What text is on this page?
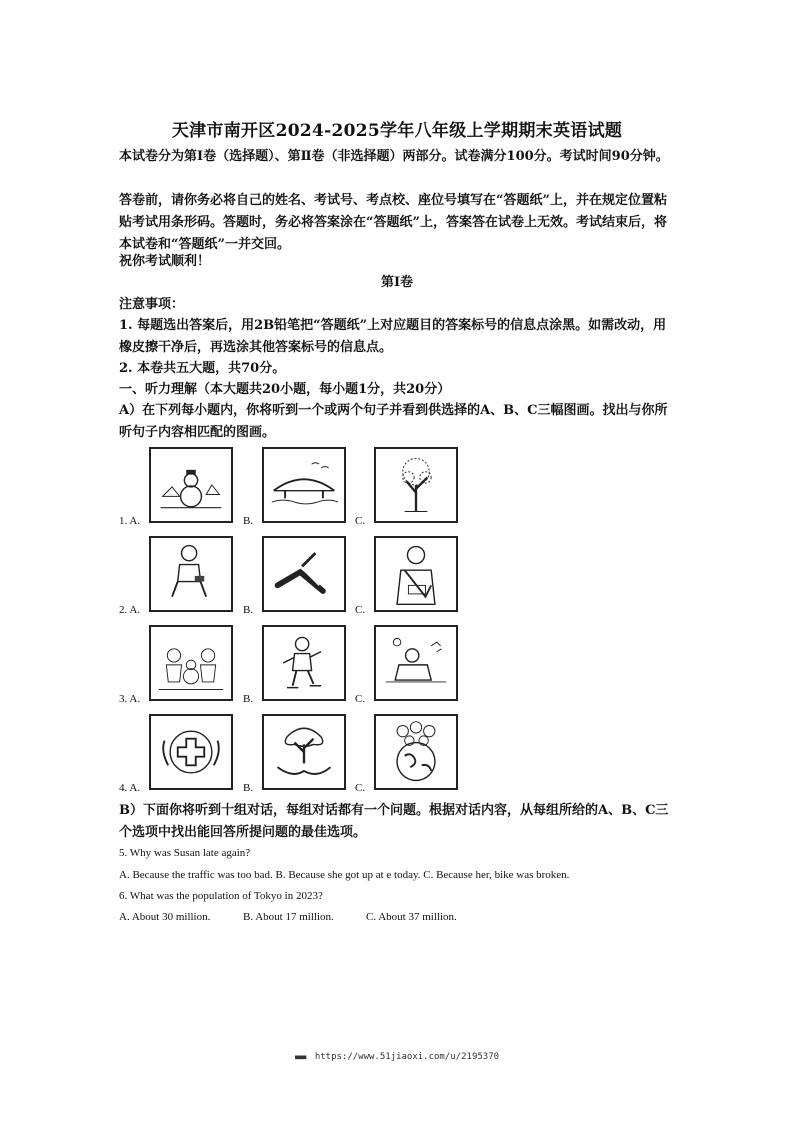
天津市南开区2024-2025学年八年级上学期期末英语试题
本试卷分为第Ⅰ卷（选择题）、第Ⅱ卷（非选择题）两部分。试卷满分100分。考试时间90分钟。
答卷前，请你务必将自己的姓名、考试号、考点校、座位号填写在“答题纸”上，并在规定位置粘贴考试用条形码。答题时，务必将答案涂在“答题纸”上，答案答在试卷上无效。考试结束后，将本试卷和“答题纸”一并交回。
祝你考试顺利！
第Ⅰ卷
注意事项：
1. 每题选出答案后，用2B铅笔把“答题纸”上对应题目的答案标号的信息点涂黑。如需改动，用橡皮擦干净后，再选涂其他答案标号的信息点。
2. 本卷共五大题，共70分。
一、听力理解（本大题共20小题，每小题1分，共20分）
A）在下列每小题内，你将听到一个或两个句子并看到供选择的A、B、C三幅图画。找出与你所听句子内容相匹配的图画。
1. A.	B.	C.
2. A.	B.	C.
3. A.	B.	C.
4. A.	B.	C.
B）下面你将听到十组对话，每组对话都有一个问题。根据对话内容，从每组所给的A、B、C三个选项中找出能回答所提问题的最佳选项。
5. Why was Susan late again?
A. Because the traffic was too bad. B. Because she got up at e today. C. Because her, bike was broken.
6. What was the population of Tokyo in 2023?
A. About 30 million.	B. About 17 million.	C. About 37 million.
■■■■ https://www.51jiaoxi.com/u/2195370
